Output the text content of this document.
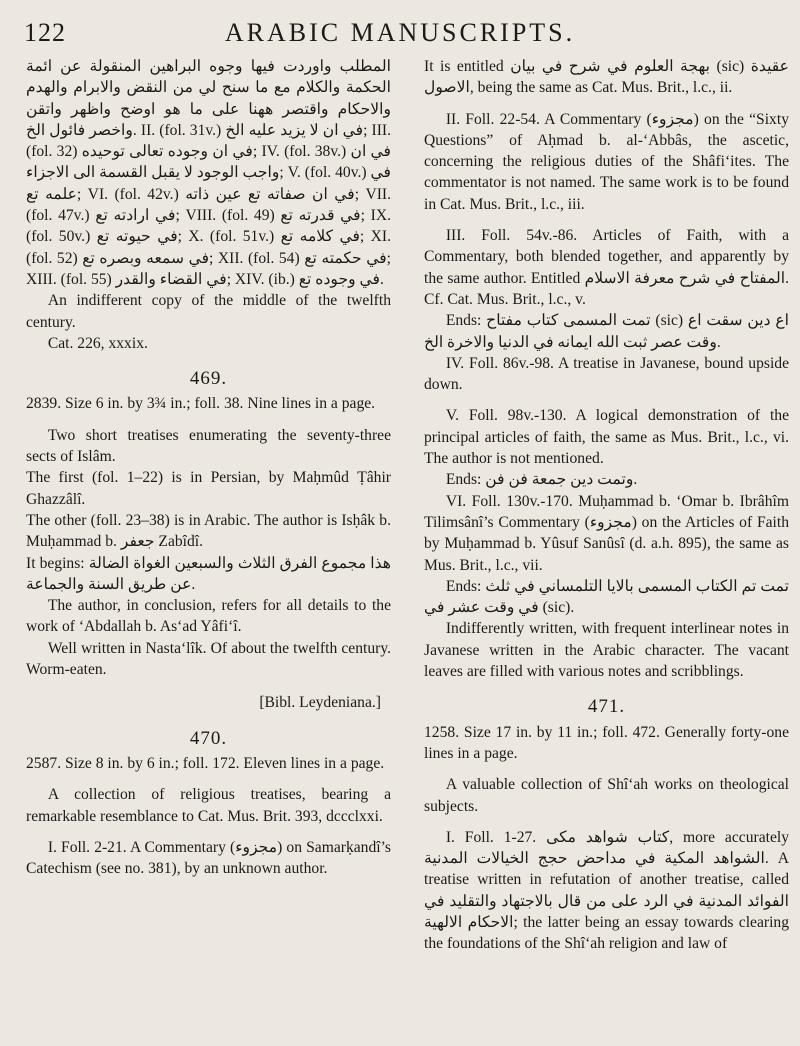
122	ARABIC MANUSCRIPTS.

المطلب واوردت فيها وجوه البراهين المنقولة عن ائمة الحكمة والكلام مع ما سنح لي من النقض والابرام والهدم والاحكام واقتصر ههنا على ما هو اوضح واظهر واتقن واخصر فائول الخ. II. (fol. 31v.) في ان لا يزيد عليه الخ; III. (fol. 32) في ان وجوده تعالى توحيده; IV. (fol. 38v.) في ان واجب الوجود لا يقبل القسمة الى الاجزاء; V. (fol. 40v.) في علمه تع; VI. (fol. 42v.) في ان صفاته تع عين ذاته; VII. (fol. 47v.) في ارادته تع; VIII. (fol. 49) في قدرته تع; IX. (fol. 50v.) في حيوته تع; X. (fol. 51v.) في كلامه تع; XI. (fol. 52) في سمعه وبصره تع; XII. (fol. 54) في حكمته تع; XIII. (fol. 55) في القضاء والقدر; XIV. (ib.) في وجوده تع.

An indifferent copy of the middle of the twelfth century.

Cat. 226, xxxix.

469.

2839. Size 6 in. by 3¾ in.; foll. 38. Nine lines in a page.

Two short treatises enumerating the seventy-three sects of Islâm.

The first (fol. 1–22) is in Persian, by Maḥmûd Ṭâhir Ghazzâlî.

The other (foll. 23–38) is in Arabic. The author is Isḥâk b. Muḥammad b. جعفر Zabîdî.

It begins: هذا مجموع الفرق الثلاث والسبعين الغواة الضالة عن طريق السنة والجماعة.

The author, in conclusion, refers for all details to the work of ‘Abdallah b. As‘ad Yâfi‘î.

Well written in Nasta‘lîk. Of about the twelfth century. Worm-eaten.

[Bibl. Leydeniana.]
470.

2587. Size 8 in. by 6 in.; foll. 172. Eleven lines in a page.

A collection of religious treatises, bearing a remarkable resemblance to Cat. Mus. Brit. 393, dccclxxi.

I. Foll. 2-21. A Commentary (مجزوء) on Samarḳandî’s Catechism (see no. 381), by an unknown author.

It is entitled بهجة العلوم في شرح في بيان (sic) عقيدة الاصول, being the same as Cat. Mus. Brit., l.c., ii.

II. Foll. 22-54. A Commentary (مجزوء) on the “Sixty Questions” of Aḥmad b. al-‘Abbâs, the ascetic, concerning the religious duties of the Shâfi‘ites. The commentator is not named. The same work is to be found in Cat. Mus. Brit., l.c., iii.

III. Foll. 54v.-86. Articles of Faith, with a Commentary, both blended together, and apparently by the same author. Entitled المفتاح في شرح معرفة الاسلام. Cf. Cat. Mus. Brit., l.c., v.

Ends: تمت المسمى كتاب مفتاح (sic) اع دين سقت اع وقت عصر ثبت الله ايمانه في الدنيا والاخرة الخ.

IV. Foll. 86v.-98. A treatise in Javanese, bound upside down.

V. Foll. 98v.-130. A logical demonstration of the principal articles of faith, the same as Mus. Brit., l.c., vi. The author is not mentioned.

Ends: وتمت دين جمعة فن فن.

VI. Foll. 130v.-170. Muḥammad b. ‘Omar b. Ibrâhîm Tilimsânî’s Commentary (مجزوء) on the Articles of Faith by Muḥammad b. Yûsuf Sanûsî (d. a.h. 895), the same as Mus. Brit., l.c., vii.

Ends: تمت تم الكتاب المسمى بالايا التلمساني في ثلث في وقت عشر في (sic).

Indifferently written, with frequent interlinear notes in Javanese written in the Arabic character. The vacant leaves are filled with various notes and scribblings.

471.

1258. Size 17 in. by 11 in.; foll. 472. Generally forty-one lines in a page.

A valuable collection of Shî‘ah works on theological subjects.

I. Foll. 1-27. كتاب شواهد مكى, more accurately الشواهد المكية في مداحض حجج الخيالات المدنية. A treatise written in refutation of another treatise, called الفوائد المدنية في الرد على من قال بالاجتهاد والتقليد في الاحكام الالهية; the latter being an essay towards clearing the foundations of the Shî‘ah religion and law of
